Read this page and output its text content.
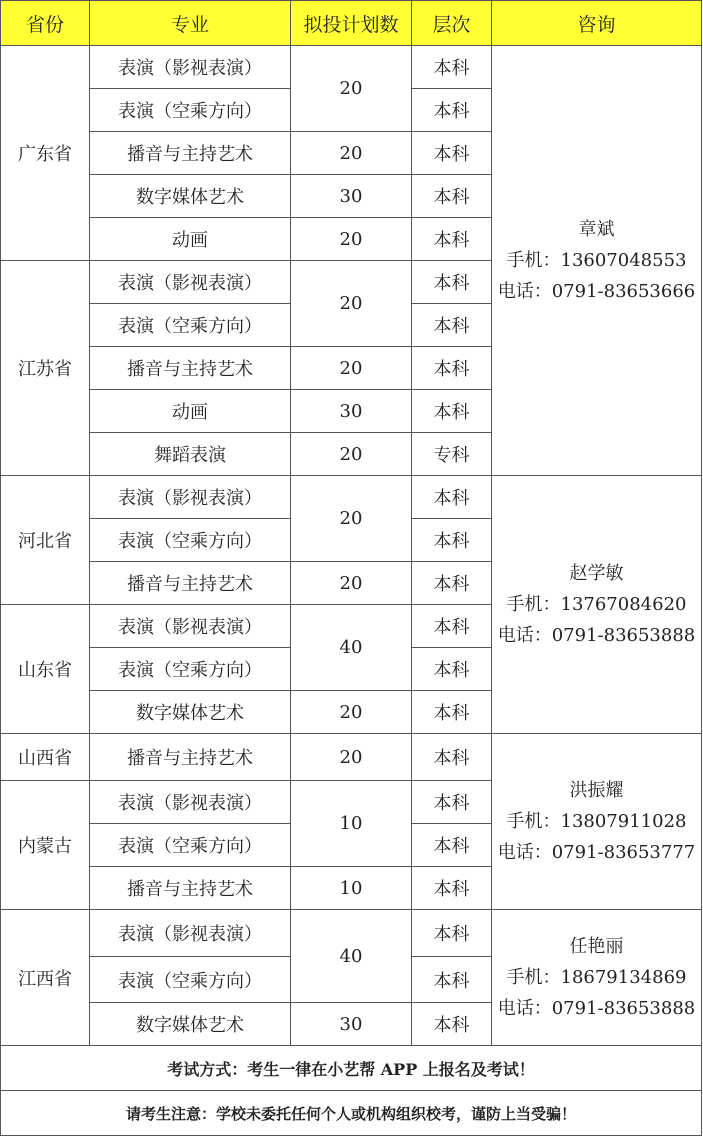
省份	专业	拟投计划数	层次	咨询
广东省	表演（影视表演）	20	本科	章斌
手机：13607048553
电话：0791-83653666

	表演（空乘方向）		本科	
	播音与主持艺术	20	本科	
	数字媒体艺术	30	本科	
	动画	20	本科	
江苏省	表演（影视表演）	20	本科	
	表演（空乘方向）		本科	
	播音与主持艺术	20	本科	
	动画	30	本科	
	舞蹈表演	20	专科	
河北省	表演（影视表演）	20	本科	赵学敏
手机：13767084620
电话：0791-83653888

	表演（空乘方向）		本科	
	播音与主持艺术	20	本科	
山东省	表演（影视表演）	40	本科	
	表演（空乘方向）		本科	
	数字媒体艺术	20	本科	
山西省	播音与主持艺术	20	本科	洪振耀
手机：13807911028
电话：0791-83653777

内蒙古	表演（影视表演）	10	本科	
	表演（空乘方向）		本科	
	播音与主持艺术	10	本科	
江西省	表演（影视表演）	40	本科	任艳丽
手机：18679134869
电话：0791-83653888

	表演（空乘方向）		本科	
	数字媒体艺术	30	本科	
考试方式：考生一律在小艺帮 APP 上报名及考试！				
请考生注意：学校未委托任何个人或机构组织校考，谨防上当受骗！				
